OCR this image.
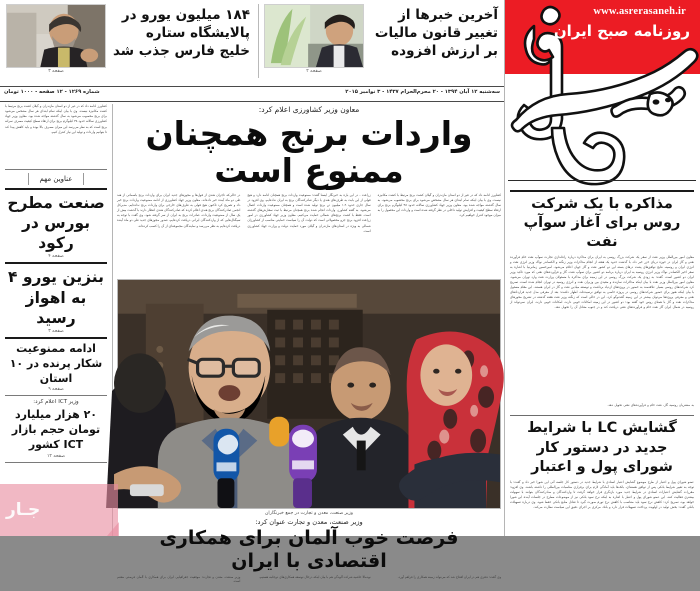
www.asrerasaneh.ir
روزنامه صبح ایران
۱۸۴ میلیون یورو در پالایشگاه ستاره خلیج فارس جذب شد
صفحه ۳
آخرین خبرها از تغییر قانون مالیات بر ارزش افزوده
صفحه ۲
شماره ۱۲۶۹ - ۱۲ صفحه - ۱۰۰۰ تومان	سه‌شنبه ۱۲ آبان ۱۳۹۴ - ۲۰ محرم‌الحرام ۱۴۳۷ - ۳ نوامبر ۲۰۱۵
کشاورز ادامه داد که در غیر از دو استان مازندران و گیلان کشت برنج مرتبط با کشت مکانیزه نیست. وی با بیان اینکه تمام ابتدای هر سال مشخص می‌شود برای برنج محصوب می‌شود به سال گذشته مواجه شده بود. معاون وزیر جهاد کشاورزی سالانه حدود ۳۸ کیلوگرم برنج برای ارتقاء سطح کیفیت مصرف سرانه برنج است که به نظر می‌رسد این میزان مصرف بالا بوده و باید کاهش پیدا کند تا بتوانیم واردات و تولید این نیاز کنترل کنیم.
عناوین مهم
صنعت مطرح بورس در رکود
صفحه ۴
بنزین یورو ۴ به اهواز رسید
صفحه ۳
ادامه ممنوعیت شکار پرنده در ۱۰ استان
صفحه ۹
وزیر ICT اعلام کرد:
۲۰ هزار میلیارد تومان حجم بازار ICT کشور
صفحه ۱۲
معاون وزیر کشاورزی اعلام کرد:
واردات برنج همچنان ممنوع است
کشاورز ادامه داد که در غیر از دو استان مازندران و گیلان کشت برنج مرتبط با کشت مکانیزه نیست. وی با بیان اینکه تمام ابتدای هر سال مشخص می‌شود برای برنج محصوب می‌شود، به سال گذشته مواجه شده بود. معاون وزیر جهاد کشاورزی سالانه حدود ۳۸ کیلوگرم برنج برای ارتقاء سطح کیفیت و افزایش تولید داخلی در نظر گرفته شده است و واردات این محصول را به میزان موجود کنترل خواهیم کرد.
زراعت - در این باره به خبرنگار ایسنا گفت: ممنوعیت واردات برنج همچنان ادامه دارد و هیچ قولی از این بابت به طرف‌های هندی یا دیگر صادرکنندگان برنج به ایران نداده‌ایم. وی افزود در سال جاری حدود ۱.۹ میلیون تن برنج تولید شده است و همچنان ممنوعیت واردات اعمال می‌شود. به گفته کشاورز، واردات انجام شده برنج همچنان مرتبط با ثبت سفارش‌های گذشته است. فقط با کشت برنج‌های شمالی حمایت می‌کنیم. معاون وزیر جهاد کشاورزی در امور زراعت افزود برنج جزو محصولاتی است که دولت آن را سیاست حمایتی مناسب از کشاورزان شمالی به ویژه در استان‌های مازندران و گیلان مورد حمایت دولت و وزارت جهاد کشاورزی است.
در حالی‌که تاجران هندی از قول‌ها و مجوزهای جدید ایران برای واردات برنج باسماتی از هند طی دو ماه آینده خبر داده‌اند، معاون وزیر جهاد کشاورزی از ادامه ممنوعیت واردات برنج خبر داد و تصریح کرد تاکنون هیچ قولی به طرف‌های خارجی برای واردات برنج نداده‌ایم. مدیرکل انجمن صادرکنندگان برنج هندی اعلام کرده که صادرکنندگان هندی انتظار دارند با گذشت بیش از یک سال از ممنوعیت واردات، صادرات برنج به ایران از سر گرفته شود. وی گفت با توجه به سیگنال‌هایی که از واردکنندگان ایرانی دریافت کرده‌ایم، صدور مجوزهای جدید طی دو ماه آینده دریافت کرده‌ایم به نظر می‌رسد و نمایندگان مجموعه‌ای از آن را کسب کرده‌اند.
وزیر صنعت، معدن و تجارت در جمع خبرنگاران
وزیر صنعت، معدن و تجارت عنوان کرد:
فرصت خوب آلمان برای همکاری اقتصادی با ایران
وی گفت: دفتری هم در ایران افتتاح شد که می‌تواند زمینه همکاری را فراهم آورد.
نودمالا حاشیه شرکت آلودگی هم با بیان اینکه درحال توسعه همکاری‌های دوجانبه هستیم.
وزیر صنعت، معدن و تجارت: موقعیت جغرافیایی ایران برای همکاری با آلمان فرصتی مغتنم است.
مذاکره با یک شرکت روس برای آغاز سوآپ نفت
معاون امور بین‌الملل وزیر نفت از سفر یک شرکت بزرگ روسی به ایران برای مذاکره درباره راه‌اندازی تجارت سوآپ نفت خام فرآورده نفتی و گاز ایران در حوزه دریای خزر خبر داد. با گذشت حدود یک هفته از انجام مذاکرات وزیر زنگنه و الکساندر نواک وزیر انرژی نفت و انرژی ایران و روسیه، نتایج توافق‌های پشت درهای بسته این دو کشور نفت و گاز جهان اعلام می‌شود. امیرحسین زمانی‌نیا با اشاره به سفر اخیر الکساندر نواک وزیر انرژی روسیه به ایران درباره برنامه دو کشور برای سوآپ نفت، گاز و فرآورده‌های نفتی که مورد تاکید وزیر ایران دو کشور است، گفت: به زودی یک شرکت بزرگ روسی در این زمینه برای مذاکره با مسئولان وزارت نفت وارد تهران می‌شود. معاون امور بین‌الملل وزیر نفت با بیان اینکه مذاکرات سازنده و مفیدی بین وزیران نفت و انرژی روسیه در تهران انجام شده است، تصریح کرد شرکت‌های روسی بسیار علاقه‌مند به حضور در پروژه‌های ازدیاد برداشت و توسعه میادین نفت و گاز در ایران هستند. این مقام مسئول با بیان اینکه هنوز برای حضور شرکت‌های روسی در پروژه خاصی به توافق نرسیده‌اند، اظهار داشت: بعد از معرفی مدل جدید قراردادهای نفتی و معرفی پروژه‌ها می‌توان بیشتر در این زمینه گفت‌وگو کرد. این در حالی است که زنگنه وزیر نفت هفته گذشته در تشریح محورهای مذاکرات نفت و گاز با همتای روس خود گفته بود: دو کشور در این زمینه امکانات خوبی دارند، امکانات خوبی دارند، ایران نمی‌تواند از روسیه در شمال ایران گاز نفت خام و فرآورده‌های نفتی دریافت کند و در جنوب معادل آن را تحویل دهد.
به مشتریان روسیه گاز، نفت خام و فرآورده‌های نفتی تحویل دهد.
گشایش LC با شرایط جدید در دستور کار شورای پول و اعتبار
عضو شورای پول و اعتبار از طرح موضوع گشایش اعتبار اسنادی با شرایط جدید در دستور کار جلسه آتی این شورا خبر داد و گفت: با توجه به تغییر شرایط بانکی پس از توافق هسته‌ای، بانک‌ها باید آمادگی لازم برای برقراری مناسبات بین‌المللی را داشته باشند. وی افزود: مقررات گشایش اعتبارات اسنادی در شرایط جدید مورد بازنگری قرار خواهد گرفت تا واردکنندگان و صادرکنندگان بتوانند با سهولت بیشتری فعالیت کنند. این عضو شورای پول و اعتبار با اشاره به اینکه نرخ سود بانکی نیز از موضوعات مطرح در جلسات آینده این شورا خواهد بود، تصریح کرد: کاهش نرخ سود باید متناسب با کاهش نرخ تورم صورت گیرد تا تعادل منابع بانکی حفظ شود. وی درباره تسهیلات بانکی گفت: بخش تولید در اولویت پرداخت تسهیلات قرار دارد و بانک مرکزی بر اجرای دقیق این سیاست نظارت می‌کند.
جـار
